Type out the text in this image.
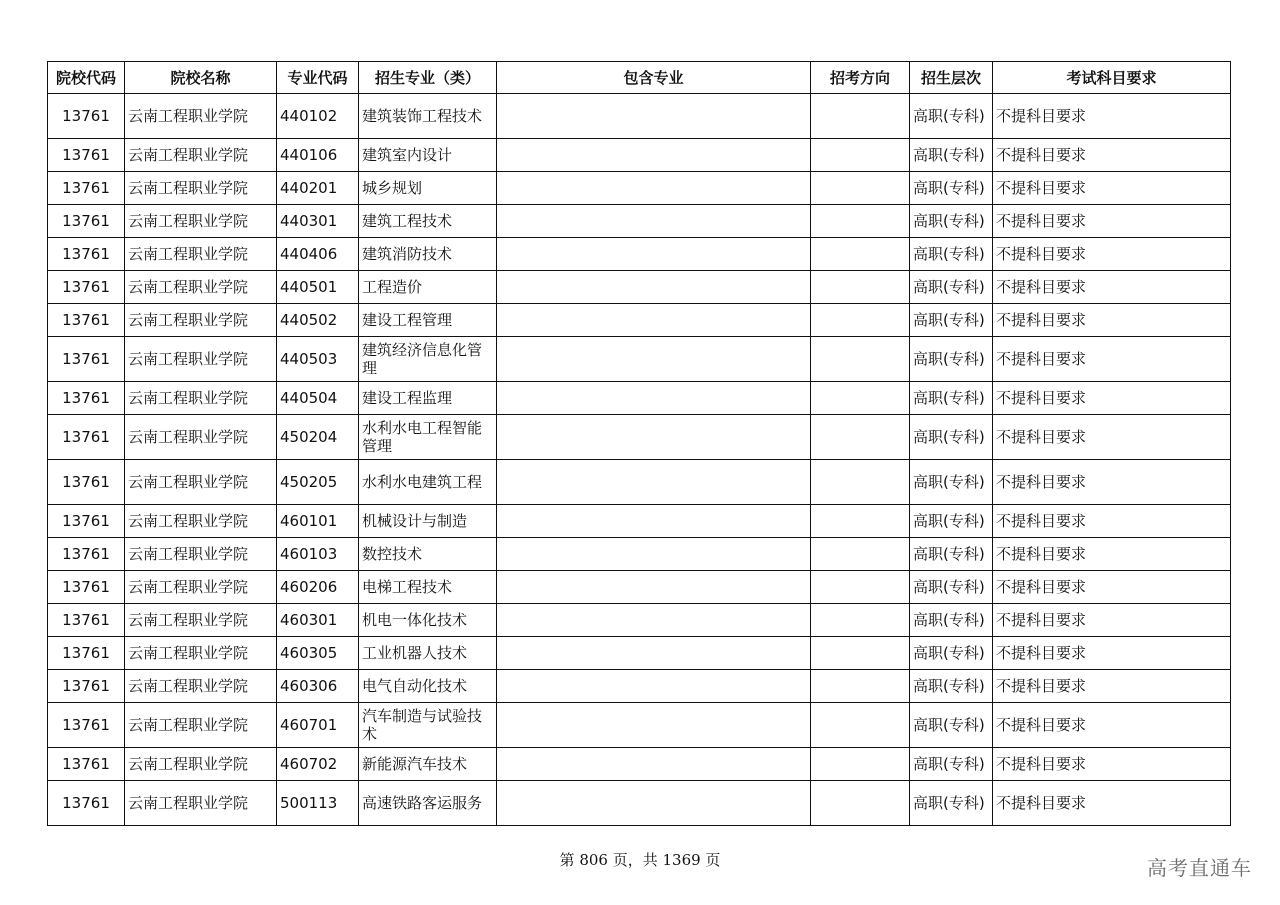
院校代码	院校名称	专业代码	招生专业（类）	包含专业	招考方向	招生层次	考试科目要求
13761	云南工程职业学院	440102	建筑装饰工程技术			高职(专科)	不提科目要求
13761	云南工程职业学院	440106	建筑室内设计			高职(专科)	不提科目要求
13761	云南工程职业学院	440201	城乡规划			高职(专科)	不提科目要求
13761	云南工程职业学院	440301	建筑工程技术			高职(专科)	不提科目要求
13761	云南工程职业学院	440406	建筑消防技术			高职(专科)	不提科目要求
13761	云南工程职业学院	440501	工程造价			高职(专科)	不提科目要求
13761	云南工程职业学院	440502	建设工程管理			高职(专科)	不提科目要求
13761	云南工程职业学院	440503	建筑经济信息化管理			高职(专科)	不提科目要求
13761	云南工程职业学院	440504	建设工程监理			高职(专科)	不提科目要求
13761	云南工程职业学院	450204	水利水电工程智能管理			高职(专科)	不提科目要求
13761	云南工程职业学院	450205	水利水电建筑工程			高职(专科)	不提科目要求
13761	云南工程职业学院	460101	机械设计与制造			高职(专科)	不提科目要求
13761	云南工程职业学院	460103	数控技术			高职(专科)	不提科目要求
13761	云南工程职业学院	460206	电梯工程技术			高职(专科)	不提科目要求
13761	云南工程职业学院	460301	机电一体化技术			高职(专科)	不提科目要求
13761	云南工程职业学院	460305	工业机器人技术			高职(专科)	不提科目要求
13761	云南工程职业学院	460306	电气自动化技术			高职(专科)	不提科目要求
13761	云南工程职业学院	460701	汽车制造与试验技术			高职(专科)	不提科目要求
13761	云南工程职业学院	460702	新能源汽车技术			高职(专科)	不提科目要求
13761	云南工程职业学院	500113	高速铁路客运服务			高职(专科)	不提科目要求
第 806 页，共 1369 页	高考直通车
